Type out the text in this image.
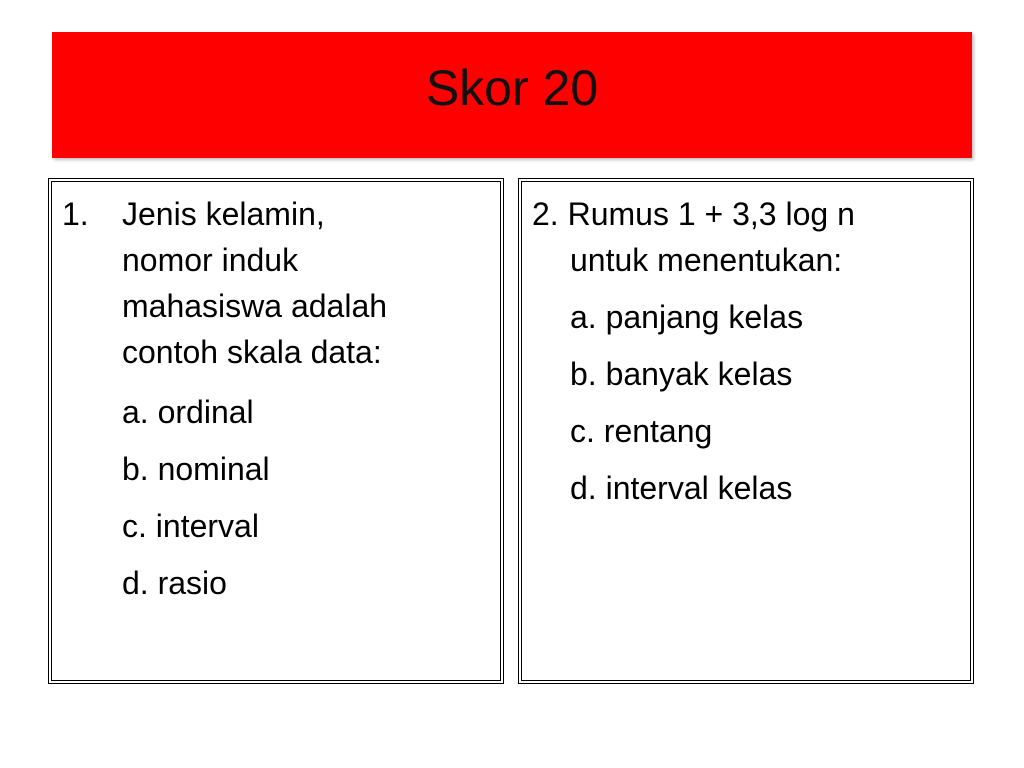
Skor 20
1. Jenis kelamin,
nomor induk
mahasiswa adalah
contoh skala data:
a. ordinal
b. nominal
c. interval
d. rasio
2. Rumus 1 + 3,3 log n
untuk menentukan:
a. panjang kelas
b. banyak kelas
c. rentang
d. interval kelas
